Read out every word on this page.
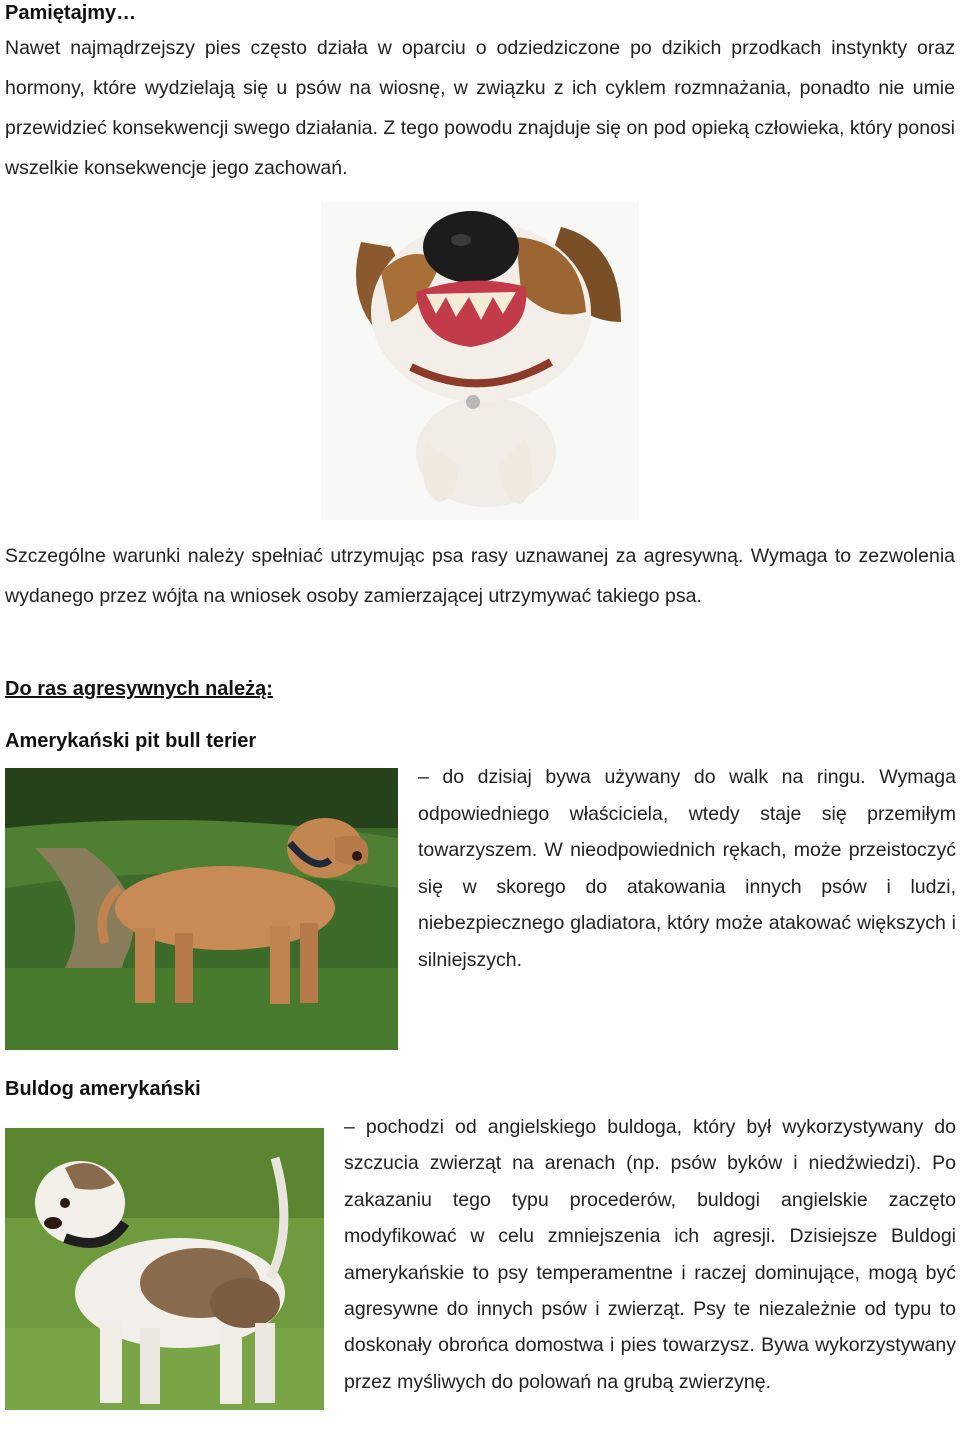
Pamiętajmy…

Nawet najmądrzejszy pies często działa w oparciu o odziedziczone po dzikich przodkach instynkty oraz hormony, które wydzielają się u psów na wiosnę, w związku z ich cyklem rozmnażania, ponadto nie umie przewidzieć konsekwencji swego działania. Z tego powodu znajduje się on pod opieką człowieka, który ponosi wszelkie konsekwencje jego zachowań.

Szczególne warunki należy spełniać utrzymując psa rasy uznawanej za agresywną. Wymaga to zezwolenia wydanego przez wójta na wniosek osoby zamierzającej utrzymywać takiego psa.

Do ras agresywnych należą:
Amerykański pit bull terier

– do dzisiaj bywa używany do walk na ringu. Wymaga odpowiedniego właściciela, wtedy staje się przemiłym towarzyszem. W nieodpowiednich rękach, może przeistoczyć się w skorego do atakowania innych psów i ludzi, niebezpiecznego gladiatora, który może atakować większych i silniejszych.

Buldog amerykański

– pochodzi od angielskiego buldoga, który był wykorzystywany do szczucia zwierząt na arenach (np. psów byków i niedźwiedzi). Po zakazaniu tego typu procederów, buldogi angielskie zaczęto modyfikować w celu zmniejszenia ich agresji. Dzisiejsze Buldogi amerykańskie to psy temperamentne i raczej dominujące, mogą być agresywne do innych psów i zwierząt. Psy te niezależnie od typu to doskonały obrońca domostwa i pies towarzysz. Bywa wykorzystywany przez myśliwych do polowań na grubą zwierzynę.
